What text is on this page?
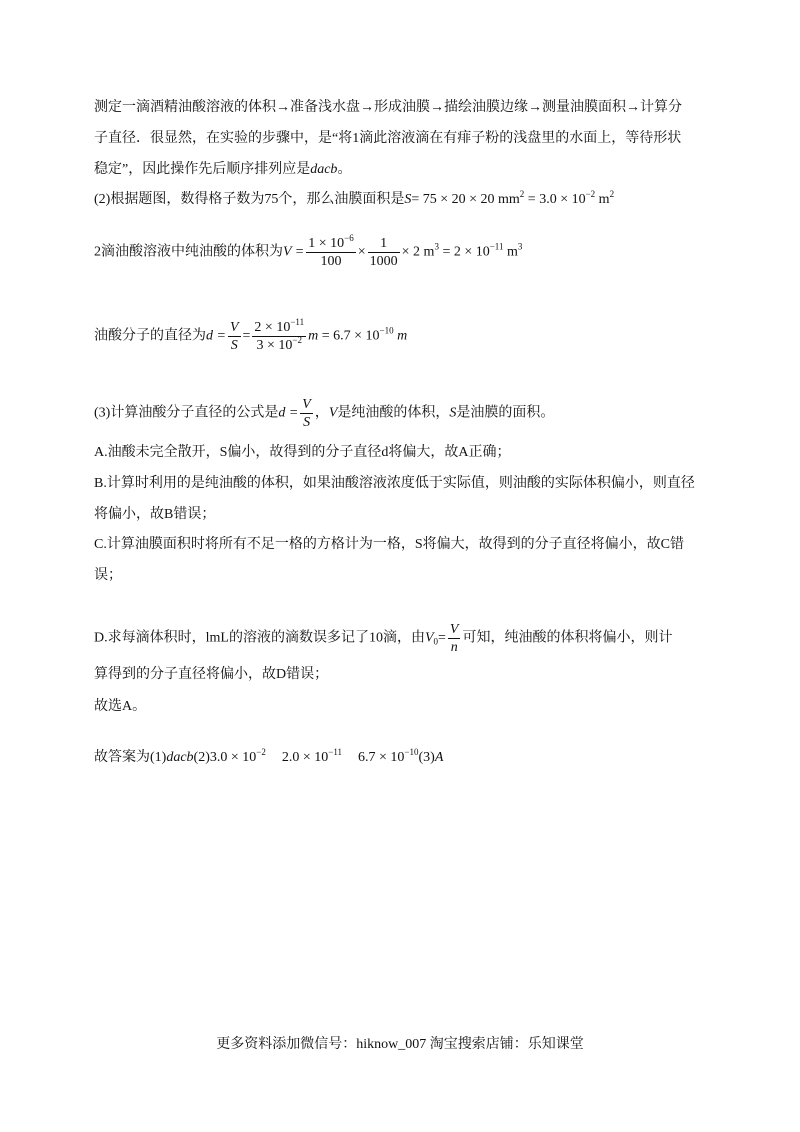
测定一滴酒精油酸溶液的体积→准备浅水盘→形成油膜→描绘油膜边缘→测量油膜面积→计算分
子直径．很显然，在实验的步骤中，是“将1滴此溶液滴在有痱子粉的浅盘里的水面上，等待形状
稳定”，因此操作先后顺序排列应是dacb。
(2)根据题图，数得格子数为75个，那么油膜面积是S= 75 × 20 × 20 $mm^2 = 3.0 \times 10^{-2}$ $m^2$
2滴油酸溶液中纯油酸的体积为$V = \frac{1 \times 10^{-6}}{100} \times \frac{1}{1000} \times 2$ $m^3 = 2 \times 10^{-11}$ $m^3$
油酸分子的直径为$d = \frac{V}{S} = \frac{2 \times 10^{-11}}{3 \times 10^{-2}}$ $m = 6.7 \times 10^{-10}$ m
(3)计算油酸分子直径的公式是$d = \frac{V}{S}$ ，V是纯油酸的体积，S是油膜的面积。
A.油酸未完全散开，S偏小，故得到的分子直径d将偏大，故A正确；
B.计算时利用的是纯油酸的体积，如果油酸溶液浓度低于实际值，则油酸的实际体积偏小，则直径
将偏小，故B错误；
C.计算油膜面积时将所有不足一格的方格计为一格，S将偏大，故得到的分子直径将偏小，故C错
误；
D.求每滴体积时，lmL的溶液的滴数误多记了10滴，由$V_0= \frac{V}{n}$ 可知，纯油酸的体积将偏小，则计
算得到的分子直径将偏小，故D错误；
故选A。
故答案为(1)dacb(2)3.0 × $10^{-2}$ $2.0 \times 10^{-11}$ $6.7 \times 10^{-10}(3)A$
更多资料添加微信号：hiknow_007 淘宝搜索店铺：乐知课堂
